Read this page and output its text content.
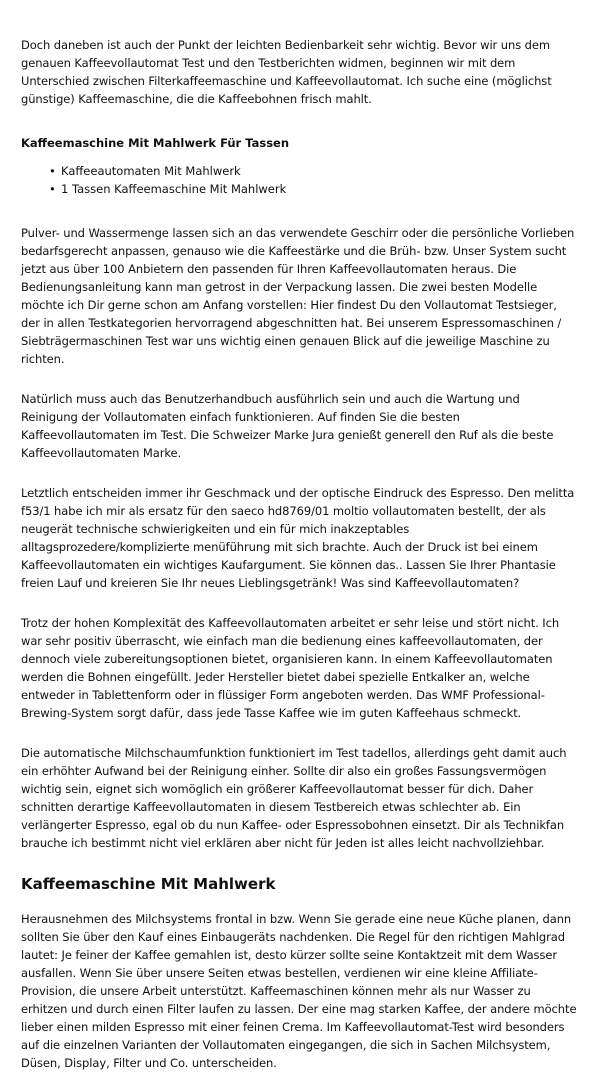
Doch daneben ist auch der Punkt der leichten Bedienbarkeit sehr wichtig. Bevor wir uns dem genauen Kaffeevollautomat Test und den Testberichten widmen, beginnen wir mit dem Unterschied zwischen Filterkaffeemaschine und Kaffeevollautomat. Ich suche eine (möglichst günstige) Kaffeemaschine, die die Kaffeebohnen frisch mahlt.

Kaffeemaschine Mit Mahlwerk Für Tassen
• Kaffeeautomaten Mit Mahlwerk
• 1 Tassen Kaffeemaschine Mit Mahlwerk

Pulver- und Wassermenge lassen sich an das verwendete Geschirr oder die persönliche Vorlieben bedarfsgerecht anpassen, genauso wie die Kaffeestärke und die Brüh- bzw. Unser System sucht jetzt aus über 100 Anbietern den passenden für Ihren Kaffeevollautomaten heraus. Die Bedienungsanleitung kann man getrost in der Verpackung lassen. Die zwei besten Modelle möchte ich Dir gerne schon am Anfang vorstellen: Hier findest Du den Vollautomat Testsieger, der in allen Testkategorien hervorragend abgeschnitten hat. Bei unserem Espressomaschinen / Siebträgermaschinen Test war uns wichtig einen genauen Blick auf die jeweilige Maschine zu richten.

Natürlich muss auch das Benutzerhandbuch ausführlich sein und auch die Wartung und Reinigung der Vollautomaten einfach funktionieren. Auf finden Sie die besten Kaffeevollautomaten im Test. Die Schweizer Marke Jura genießt generell den Ruf als die beste Kaffeevollautomaten Marke.

Letztlich entscheiden immer ihr Geschmack und der optische Eindruck des Espresso. Den melitta f53/1 habe ich mir als ersatz für den saeco hd8769/01 moltio vollautomaten bestellt, der als neugerät technische schwierigkeiten und ein für mich inakzeptables alltagsprozedere/komplizierte menüführung mit sich brachte. Auch der Druck ist bei einem Kaffeevollautomaten ein wichtiges Kaufargument. Sie können das.. Lassen Sie Ihrer Phantasie freien Lauf und kreieren Sie Ihr neues Lieblingsgetränk! Was sind Kaffeevollautomaten?

Trotz der hohen Komplexität des Kaffeevollautomaten arbeitet er sehr leise und stört nicht. Ich war sehr positiv überrascht, wie einfach man die bedienung eines kaffeevollautomaten, der dennoch viele zubereitungsoptionen bietet, organisieren kann. In einem Kaffeevollautomaten werden die Bohnen eingefüllt. Jeder Hersteller bietet dabei spezielle Entkalker an, welche entweder in Tablettenform oder in flüssiger Form angeboten werden. Das WMF Professional-Brewing-System sorgt dafür, dass jede Tasse Kaffee wie im guten Kaffeehaus schmeckt.

Die automatische Milchschaumfunktion funktioniert im Test tadellos, allerdings geht damit auch ein erhöhter Aufwand bei der Reinigung einher. Sollte dir also ein großes Fassungsvermögen wichtig sein, eignet sich womöglich ein größerer Kaffeevollautomat besser für dich. Daher schnitten derartige Kaffeevollautomaten in diesem Testbereich etwas schlechter ab. Ein verlängerter Espresso, egal ob du nun Kaffee- oder Espressobohnen einsetzt. Dir als Technikfan brauche ich bestimmt nicht viel erklären aber nicht für Jeden ist alles leicht nachvollziehbar.

Kaffeemaschine Mit Mahlwerk

Herausnehmen des Milchsystems frontal in bzw. Wenn Sie gerade eine neue Küche planen, dann sollten Sie über den Kauf eines Einbaugeräts nachdenken. Die Regel für den richtigen Mahlgrad lautet: Je feiner der Kaffee gemahlen ist, desto kürzer sollte seine Kontaktzeit mit dem Wasser ausfallen. Wenn Sie über unsere Seiten etwas bestellen, verdienen wir eine kleine Affiliate-Provision, die unsere Arbeit unterstützt. Kaffeemaschinen können mehr als nur Wasser zu erhitzen und durch einen Filter laufen zu lassen. Der eine mag starken Kaffee, der andere möchte lieber einen milden Espresso mit einer feinen Crema. Im Kaffeevollautomat-Test wird besonders auf die einzelnen Varianten der Vollautomaten eingegangen, die sich in Sachen Milchsystem, Düsen, Display, Filter und Co. unterscheiden.
